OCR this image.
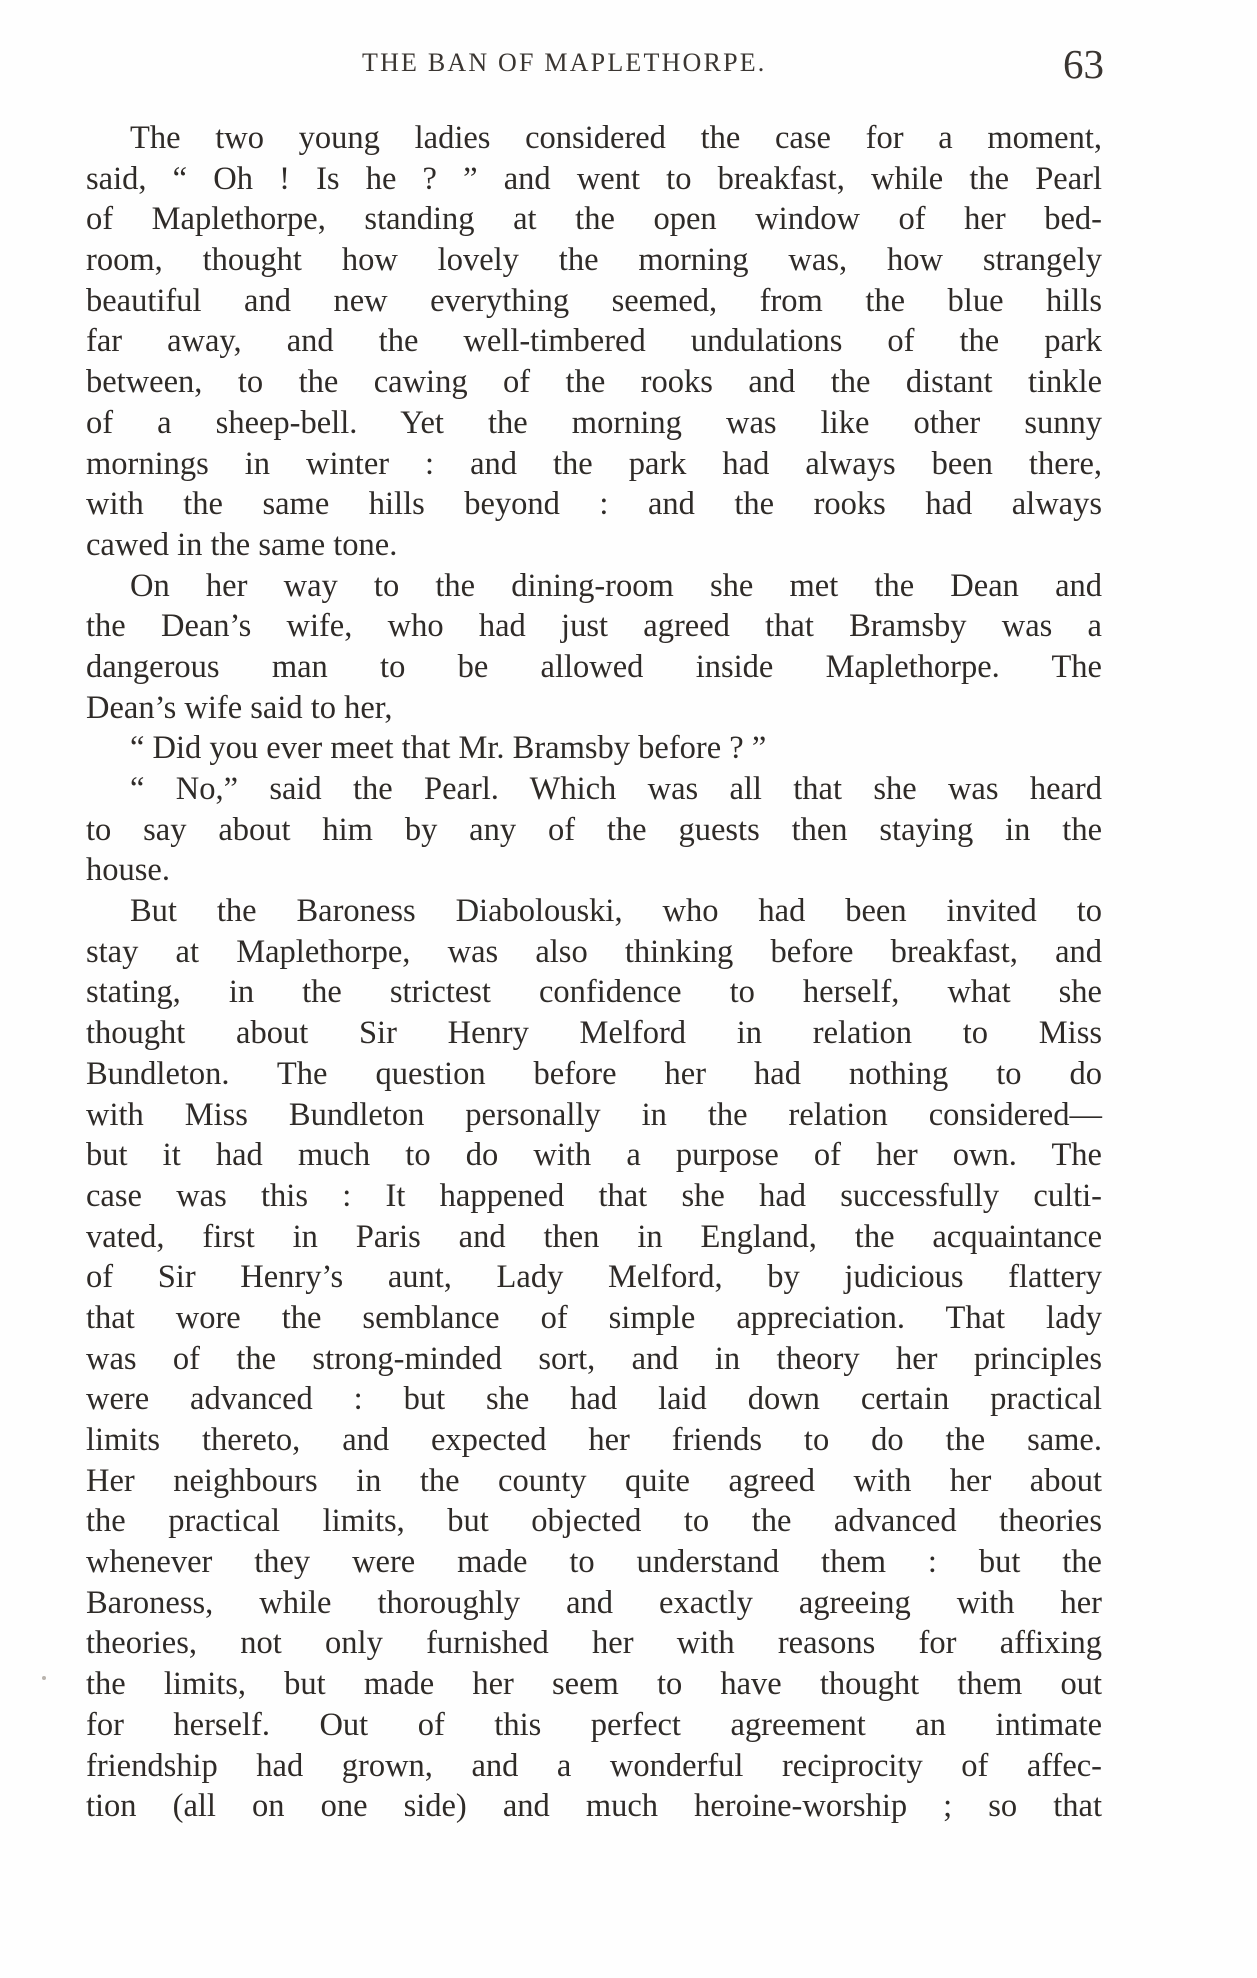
THE BAN OF MAPLETHORPE.	63
The two young ladies considered the case for a moment,
said, “ Oh ! Is he ? ” and went to breakfast, while the Pearl
of Maplethorpe, standing at the open window of her bed-
room, thought how lovely the morning was, how strangely
beautiful and new everything seemed, from the blue hills
far away, and the well-timbered undulations of the park
between, to the cawing of the rooks and the distant tinkle
of a sheep-bell. Yet the morning was like other sunny
mornings in winter : and the park had always been there,
with the same hills beyond : and the rooks had always
cawed in the same tone.
On her way to the dining-room she met the Dean and
the Dean’s wife, who had just agreed that Bramsby was a
dangerous man to be allowed inside Maplethorpe. The
Dean’s wife said to her,
“ Did you ever meet that Mr. Bramsby before ? ”
“ No,” said the Pearl. Which was all that she was heard
to say about him by any of the guests then staying in the
house.
But the Baroness Diabolouski, who had been invited to
stay at Maplethorpe, was also thinking before breakfast, and
stating, in the strictest confidence to herself, what she
thought about Sir Henry Melford in relation to Miss
Bundleton. The question before her had nothing to do
with Miss Bundleton personally in the relation considered—
but it had much to do with a purpose of her own. The
case was this : It happened that she had successfully culti-
vated, first in Paris and then in England, the acquaintance
of Sir Henry’s aunt, Lady Melford, by judicious flattery
that wore the semblance of simple appreciation. That lady
was of the strong-minded sort, and in theory her principles
were advanced : but she had laid down certain practical
limits thereto, and expected her friends to do the same.
Her neighbours in the county quite agreed with her about
the practical limits, but objected to the advanced theories
whenever they were made to understand them : but the
Baroness, while thoroughly and exactly agreeing with her
theories, not only furnished her with reasons for affixing
the limits, but made her seem to have thought them out
for herself. Out of this perfect agreement an intimate
friendship had grown, and a wonderful reciprocity of affec-
tion (all on one side) and much heroine-worship ; so that
